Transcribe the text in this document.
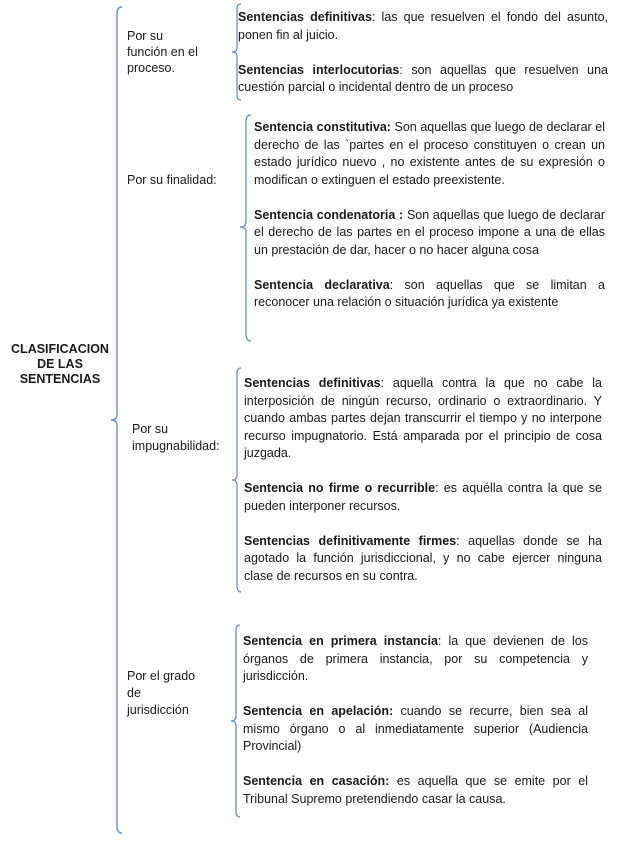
CLASIFICACION
DE LAS
SENTENCIAS
Por su
función en el
proceso.

Sentencias definitivas: las que resuelven el fondo del asunto, ponen fin al juicio.

Sentencias interlocutorias: son aquellas que resuelven una cuestión parcial o incidental dentro de un proceso

Por su finalidad:

Sentencia constitutiva: Son aquellas que luego de declarar el derecho de las `partes en el proceso constituyen o crean un estado jurídico nuevo , no existente antes de su expresión o modifican o extinguen el estado preexistente.

Sentencia condenatoria : Son aquellas que luego de declarar el derecho de las partes en el proceso impone a una de ellas un prestación de dar, hacer o no hacer alguna cosa

Sentencia declarativa: son aquellas que se limitan a reconocer una relación o situación jurídica ya existente

Por su
impugnabilidad:

Sentencias definitivas: aquella contra la que no cabe la interposición de ningún recurso, ordinario o extraordinario. Y cuando ambas partes dejan transcurrir el tiempo y no interpone recurso impugnatorio. Está amparada por el principio de cosa juzgada.

Sentencia no firme o recurrible: es aquélla contra la que se pueden interponer recursos.

Sentencias definitivamente firmes: aquellas donde se ha agotado la función jurisdiccional, y no cabe ejercer ninguna clase de recursos en su contra.

Por el grado
de
jurisdicción

Sentencia en primera instancia: la que devienen de los órganos de primera instancia, por su competencia y jurisdicción.

Sentencia en apelación: cuando se recurre, bien sea al mismo órgano o al inmediatamente superior (Audiencia Provincial)

Sentencia en casación: es aquella que se emite por el Tribunal Supremo pretendiendo casar la causa.
